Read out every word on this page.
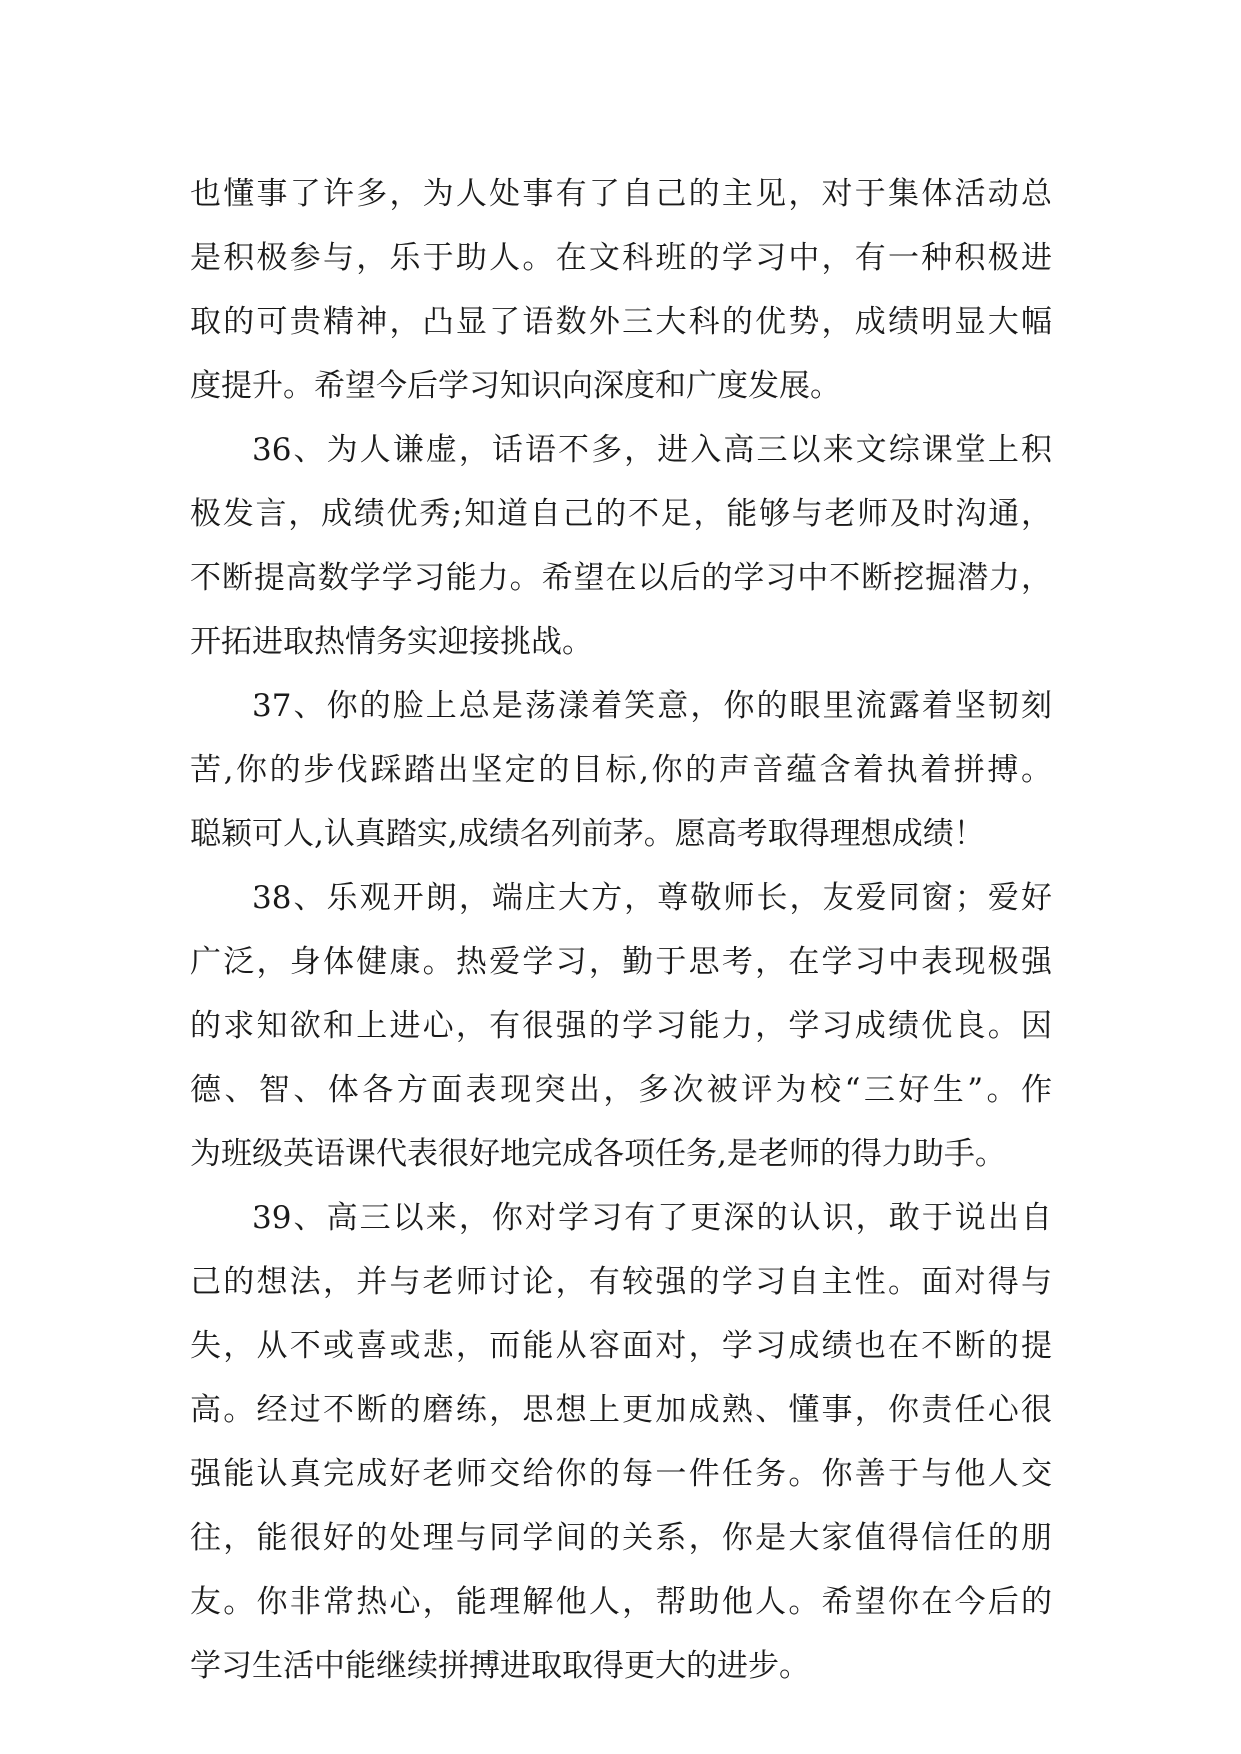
也懂事了许多，为人处事有了自己的主见，对于集体活动总
是积极参与，乐于助人。在文科班的学习中，有一种积极进
取的可贵精神，凸显了语数外三大科的优势，成绩明显大幅
度提升。希望今后学习知识向深度和广度发展。
36、为人谦虚，话语不多，进入高三以来文综课堂上积
极发言，成绩优秀;知道自己的不足，能够与老师及时沟通，
不断提高数学学习能力。希望在以后的学习中不断挖掘潜力，
开拓进取热情务实迎接挑战。
37、你的脸上总是荡漾着笑意，你的眼里流露着坚韧刻
苦,你的步伐踩踏出坚定的目标,你的声音蕴含着执着拼搏。
聪颖可人,认真踏实,成绩名列前茅。愿高考取得理想成绩！
38、乐观开朗，端庄大方，尊敬师长，友爱同窗；爱好
广泛，身体健康。热爱学习，勤于思考，在学习中表现极强
的求知欲和上进心，有很强的学习能力，学习成绩优良。因
德、智、体各方面表现突出，多次被评为校“三好生”。作
为班级英语课代表很好地完成各项任务,是老师的得力助手。
39、高三以来，你对学习有了更深的认识，敢于说出自
己的想法，并与老师讨论，有较强的学习自主性。面对得与
失，从不或喜或悲，而能从容面对，学习成绩也在不断的提
高。经过不断的磨练，思想上更加成熟、懂事，你责任心很
强能认真完成好老师交给你的每一件任务。你善于与他人交
往，能很好的处理与同学间的关系，你是大家值得信任的朋
友。你非常热心，能理解他人，帮助他人。希望你在今后的
学习生活中能继续拼搏进取取得更大的进步。
